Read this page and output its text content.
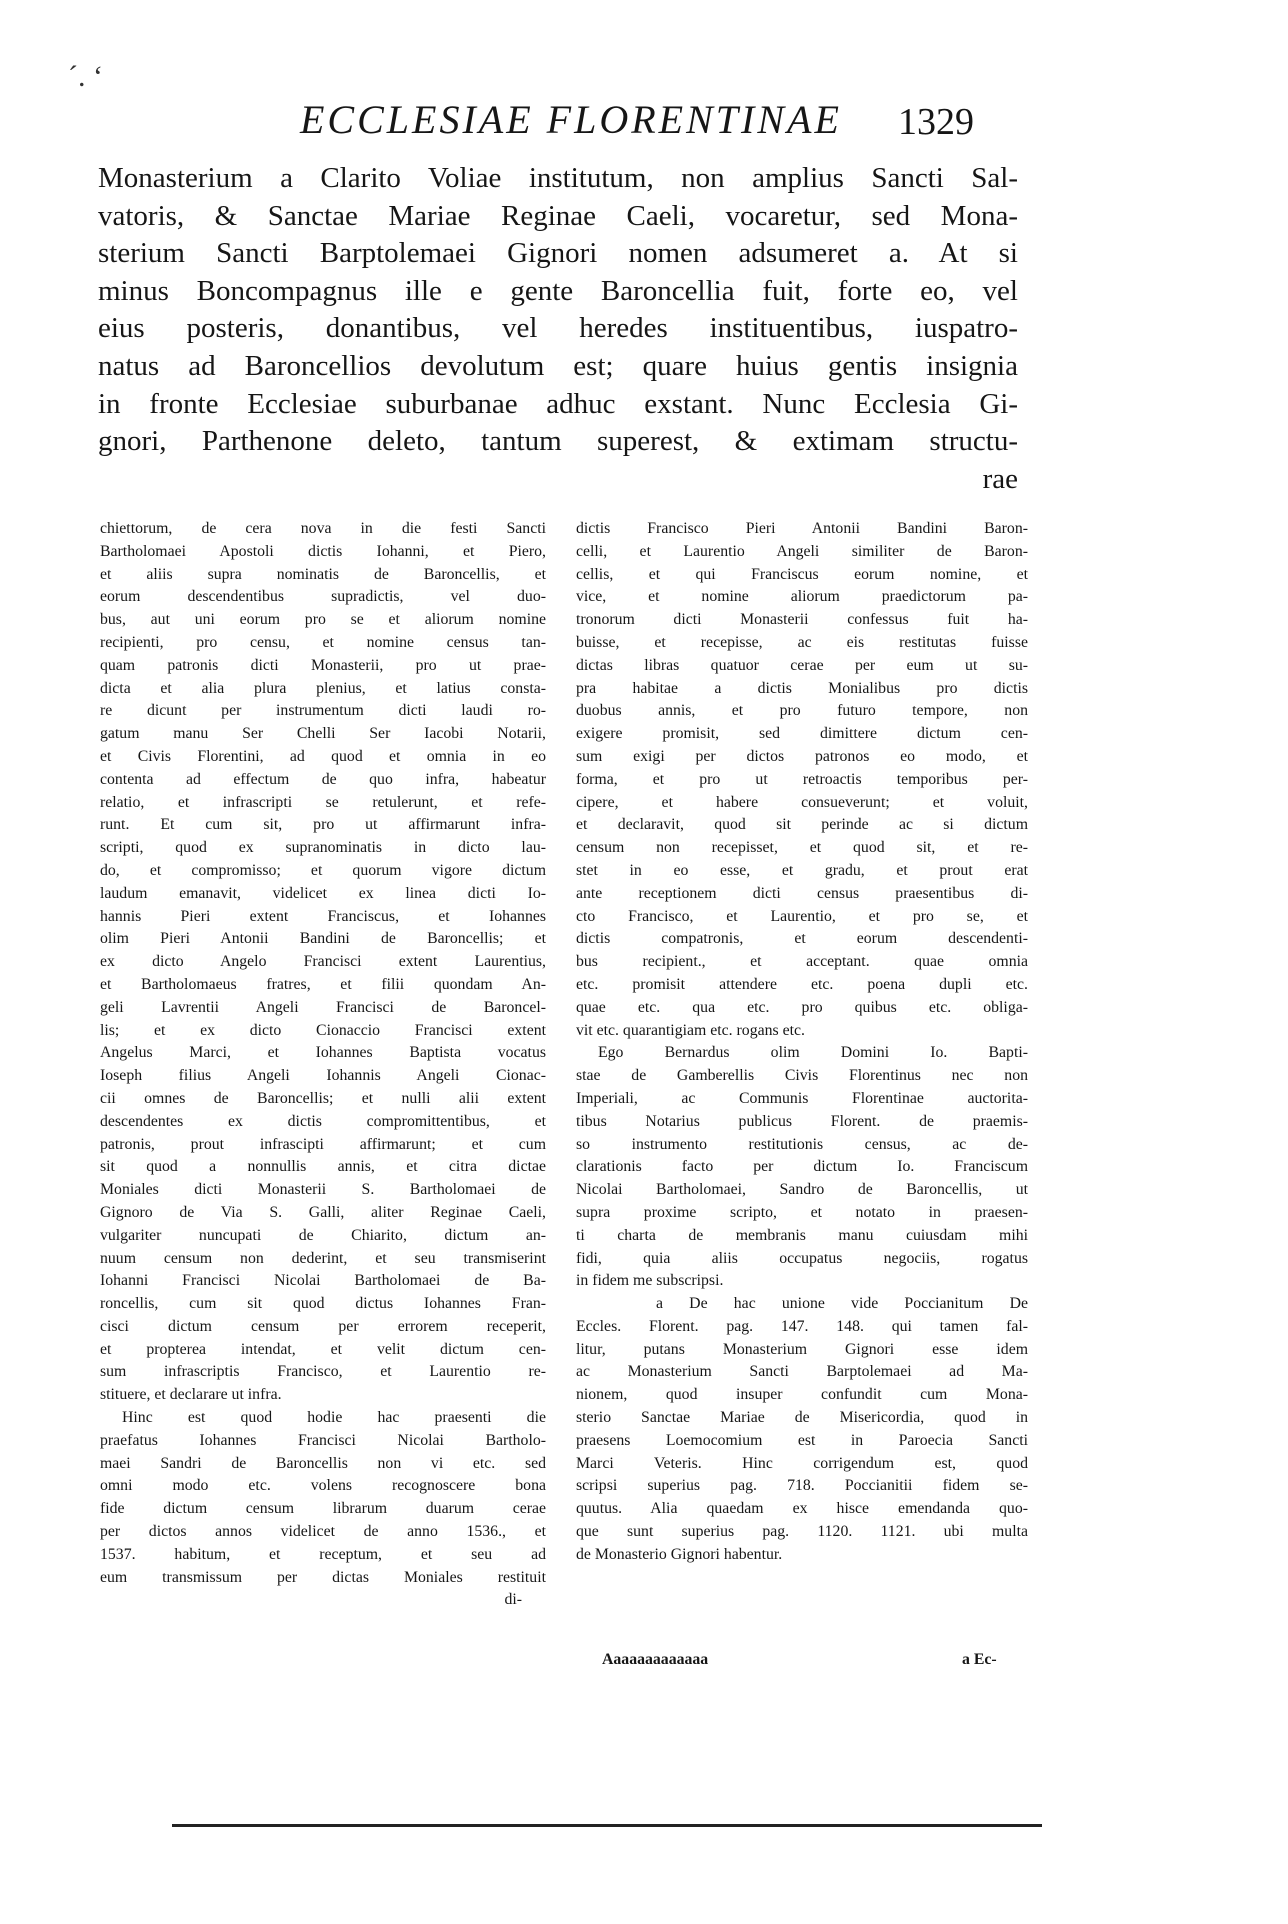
´. ‘
ECCLESIAE FLORENTINAE 1329

Monasterium a Clarito Voliae institutum, non amplius Sancti Sal-
vatoris, & Sanctae Mariae Reginae Caeli, vocaretur, sed Mona-
sterium Sancti Barptolemaei Gignori nomen adsumeret a. At si
minus Boncompagnus ille e gente Baroncellia fuit, forte eo, vel
eius posteris, donantibus, vel heredes instituentibus, iuspatro-
natus ad Baroncellios devolutum est; quare huius gentis insignia
in fronte Ecclesiae suburbanae adhuc exstant. Nunc Ecclesia Gi-
gnori, Parthenone deleto, tantum superest, & extimam structu-
rae

chiettorum, de cera nova in die festi Sancti
Bartholomaei Apostoli dictis Iohanni, et Piero,
et aliis supra nominatis de Baroncellis, et
eorum descendentibus supradictis, vel duo-
bus, aut uni eorum pro se et aliorum nomine
recipienti, pro censu, et nomine census tan-
quam patronis dicti Monasterii, pro ut prae-
dicta et alia plura plenius, et latius consta-
re dicunt per instrumentum dicti laudi ro-
gatum manu Ser Chelli Ser Iacobi Notarii,
et Civis Florentini, ad quod et omnia in eo
contenta ad effectum de quo infra, habeatur
relatio, et infrascripti se retulerunt, et refe-
runt. Et cum sit, pro ut affirmarunt infra-
scripti, quod ex supranominatis in dicto lau-
do, et compromisso; et quorum vigore dictum
laudum emanavit, videlicet ex linea dicti Io-
hannis Pieri extent Franciscus, et Iohannes
olim Pieri Antonii Bandini de Baroncellis; et
ex dicto Angelo Francisci extent Laurentius,
et Bartholomaeus fratres, et filii quondam An-
geli Lavrentii Angeli Francisci de Baroncel-
lis; et ex dicto Cionaccio Francisci extent
Angelus Marci, et Iohannes Baptista vocatus
Ioseph filius Angeli Iohannis Angeli Cionac-
cii omnes de Baroncellis; et nulli alii extent
descendentes ex dictis compromittentibus, et
patronis, prout infrascipti affirmarunt; et cum
sit quod a nonnullis annis, et citra dictae
Moniales dicti Monasterii S. Bartholomaei de
Gignoro de Via S. Galli, aliter Reginae Caeli,
vulgariter nuncupati de Chiarito, dictum an-
nuum censum non dederint, et seu transmiserint
Iohanni Francisci Nicolai Bartholomaei de Ba-
roncellis, cum sit quod dictus Iohannes Fran-
cisci dictum censum per errorem receperit,
et propterea intendat, et velit dictum cen-
sum infrascriptis Francisco, et Laurentio re-
stituere, et declarare ut infra.
Hinc est quod hodie hac praesenti die
praefatus Iohannes Francisci Nicolai Bartholo-
maei Sandri de Baroncellis non vi etc. sed
omni modo etc. volens recognoscere bona
fide dictum censum librarum duarum cerae
per dictos annos videlicet de anno 1536., et
1537. habitum, et receptum, et seu ad
eum transmissum per dictas Moniales restituit
di-
dictis Francisco Pieri Antonii Bandini Baron-
celli, et Laurentio Angeli similiter de Baron-
cellis, et qui Franciscus eorum nomine, et
vice, et nomine aliorum praedictorum pa-
tronorum dicti Monasterii confessus fuit ha-
buisse, et recepisse, ac eis restitutas fuisse
dictas libras quatuor cerae per eum ut su-
pra habitae a dictis Monialibus pro dictis
duobus annis, et pro futuro tempore, non
exigere promisit, sed dimittere dictum cen-
sum exigi per dictos patronos eo modo, et
forma, et pro ut retroactis temporibus per-
cipere, et habere consueverunt; et voluit,
et declaravit, quod sit perinde ac si dictum
censum non recepisset, et quod sit, et re-
stet in eo esse, et gradu, et prout erat
ante receptionem dicti census praesentibus di-
cto Francisco, et Laurentio, et pro se, et
dictis compatronis, et eorum descendenti-
bus recipient., et acceptant. quae omnia
etc. promisit attendere etc. poena dupli etc.
quae etc. qua etc. pro quibus etc. obliga-
vit etc. quarantigiam etc. rogans etc.
Ego Bernardus olim Domini Io. Bapti-
stae de Gamberellis Civis Florentinus nec non
Imperiali, ac Communis Florentinae auctorita-
tibus Notarius publicus Florent. de praemis-
so instrumento restitutionis census, ac de-
clarationis facto per dictum Io. Franciscum
Nicolai Bartholomaei, Sandro de Baroncellis, ut
supra proxime scripto, et notato in praesen-
ti charta de membranis manu cuiusdam mihi
fidi, quia aliis occupatus negociis, rogatus
in fidem me subscripsi.
a De hac unione vide Poccianitum De
Eccles. Florent. pag. 147. 148. qui tamen fal-
litur, putans Monasterium Gignori esse idem
ac Monasterium Sancti Barptolemaei ad Ma-
nionem, quod insuper confundit cum Mona-
sterio Sanctae Mariae de Misericordia, quod in
praesens Loemocomium est in Paroecia Sancti
Marci Veteris. Hinc corrigendum est, quod
scripsi superius pag. 718. Poccianitii fidem se-
quutus. Alia quaedam ex hisce emendanda quo-
que sunt superius pag. 1120. 1121. ubi multa
de Monasterio Gignori habentur.
Aaaaaaaaaaaaa	a Ec-
